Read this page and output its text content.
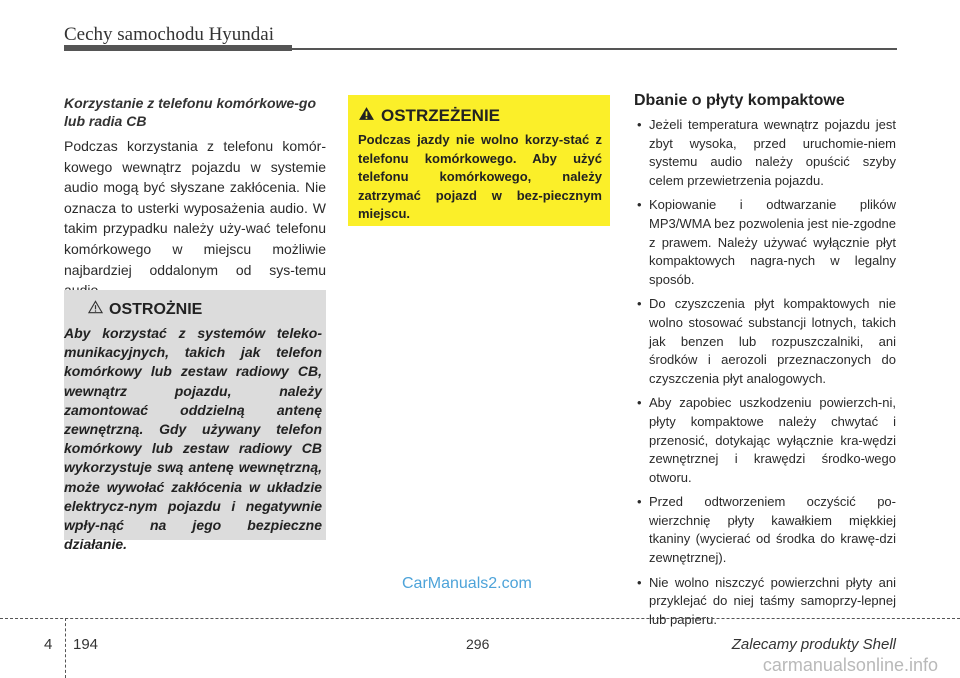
Cechy samochodu Hyundai

Korzystanie z telefonu komórkowe-go lub radia CB

Podczas korzystania z telefonu komór-kowego wewnątrz pojazdu w systemie audio mogą być słyszane zakłócenia. Nie oznacza to usterki wyposażenia audio. W takim przypadku należy uży-wać telefonu komórkowego w miejscu możliwie najbardziej oddalonym od sys-temu

OSTROŻNIE
Aby korzystać z systemów teleko-munikacyjnych, takich jak telefon komórkowy lub zestaw radiowy CB, wewnątrz pojazdu, należy zamontować oddzielną antenę zewnętrzną. Gdy używany telefon komórkowy lub zestaw radiowy CB wykorzystuje swą antenę wewnętrzną, może wywołać zakłócenia w układzie elektrycz-nym pojazdu i negatywnie wpły-nąć na jego bezpieczne działanie.
OSTRZEŻENIE
Podczas jazdy nie wolno korzy-stać z telefonu komórkowego. Aby użyć telefonu komórkowego, należy zatrzymać pojazd w bez-piecznym miejscu.

Dbanie o płyty kompaktowe

• Jeżeli temperatura wewnątrz pojazdu jest zbyt wysoka, przed uruchomie-niem systemu audio należy opuścić szyby celem przewietrzenia pojazdu.
• Kopiowanie i odtwarzanie plików MP3/WMA bez pozwolenia jest nie-zgodne z prawem. Należy używać wyłącznie płyt kompaktowych nagra-nych w legalny sposób.
• Do czyszczenia płyt kompaktowych nie wolno stosować substancji lotnych, takich jak benzen lub rozpuszczalniki, ani środków i aerozoli przeznaczonych do czyszczenia płyt analogowych.
• Aby zapobiec uszkodzeniu powierzch-ni, płyty kompaktowe należy chwytać i przenosić, dotykając wyłącznie kra-wędzi zewnętrznej i krawędzi środko-wego otworu.
• Przed odtworzeniem oczyścić po-wierzchnię płyty kawałkiem miękkiej tkaniny (wycierać od środka do krawę-dzi zewnętrznej).
• Nie wolno niszczyć powierzchni płyty ani przyklejać do niej taśmy samoprzy-lepnej lub papieru.
CarManuals2.com
4 194	296	Zalecamy produkty Shell
carmanualsonline.info
